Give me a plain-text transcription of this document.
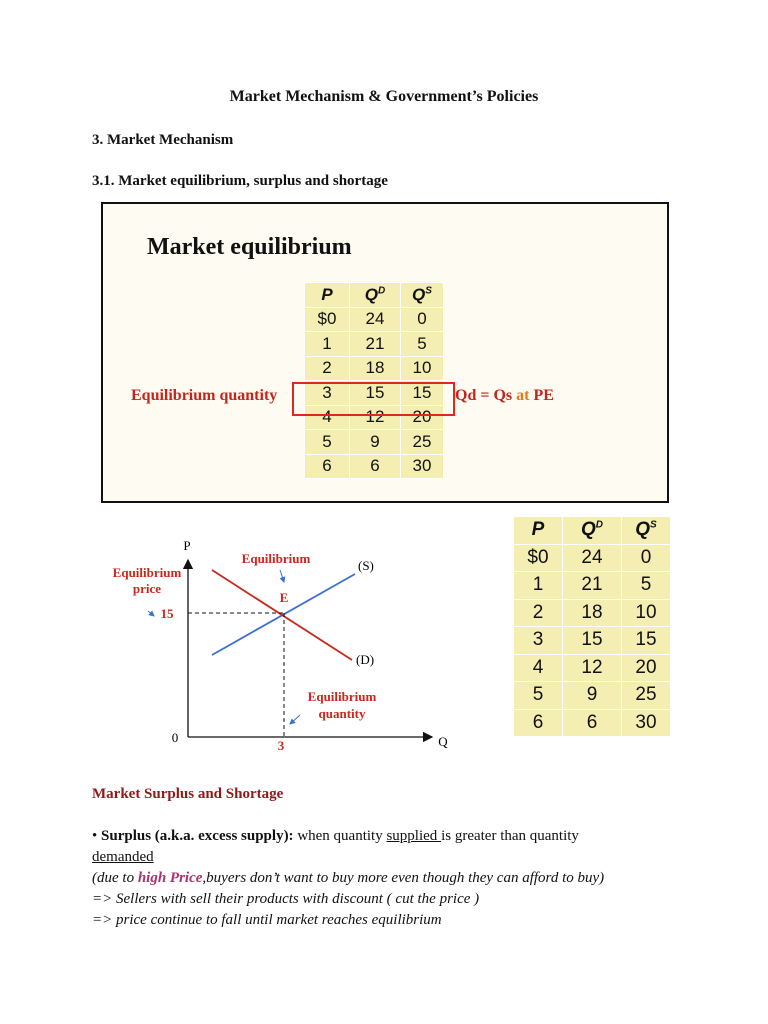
Market Mechanism & Government’s Policies
3. Market Mechanism
3.1. Market equilibrium, surplus and shortage
Market equilibrium
P	$Q^D$	$Q^S$
$0	24	0
1	21	5
2	18	10
3	15	15
4	12	20
5	9	25
6	6	30
Equilibrium quantity	Qd = Qs at PE
P
Q
0
Equilibrium
E
(S)
(D)
Equilibrium
price
15
Equilibrium
quantity
3
P	$Q^D$	$Q^S$
$0	24	0
1	21	5
2	18	10
3	15	15
4	12	20
5	9	25
6	6	30
Market Surplus and Shortage
• Surplus (a.k.a. excess supply): when quantity supplied is greater than quantity
demanded
(due to high Price,buyers don’t want to buy more even though they can afford to buy)
=> Sellers with sell their products with discount ( cut the price )
=> price continue to fall until market reaches equilibrium
